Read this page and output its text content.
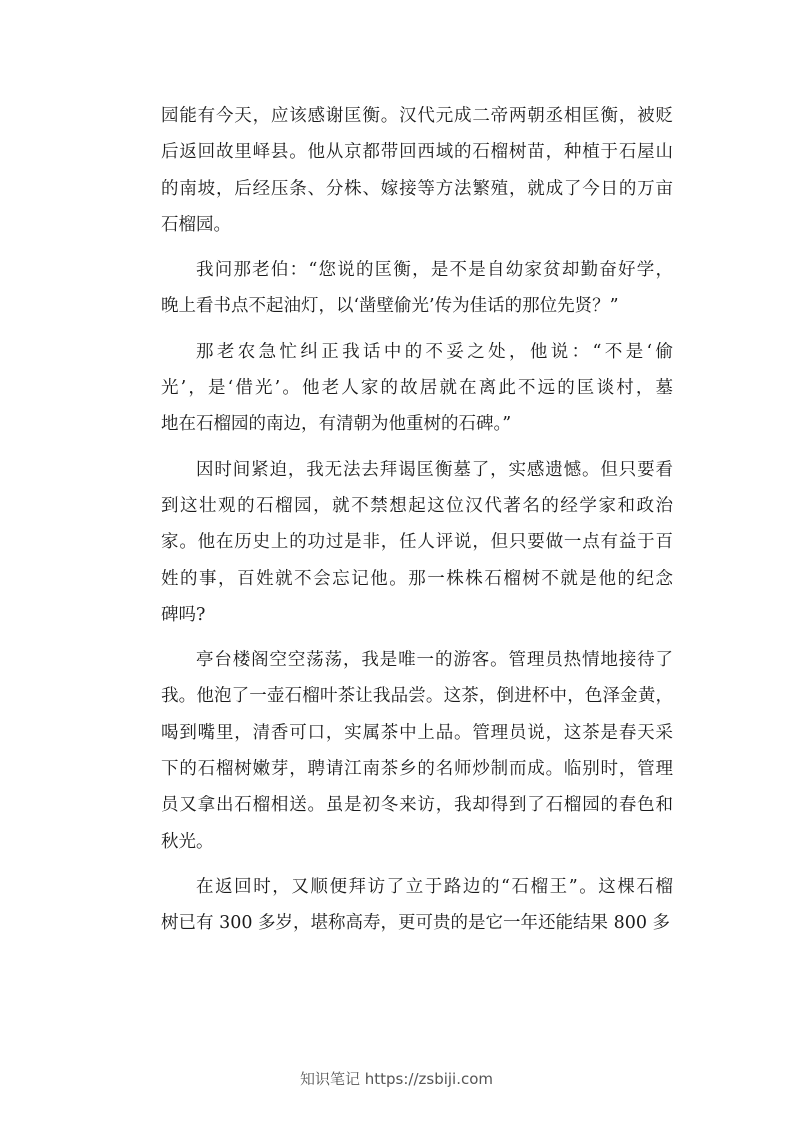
园能有今天，应该感谢匡衡。汉代元成二帝两朝丞相匡衡，被贬
后返回故里峄县。他从京都带回西域的石榴树苗，种植于石屋山
的南坡，后经压条、分株、嫁接等方法繁殖，就成了今日的万亩
石榴园。
我问那老伯：“您说的匡衡，是不是自幼家贫却勤奋好学，
晚上看书点不起油灯，以‘凿壁偷光’传为佳话的那位先贤？”
那老农急忙纠正我话中的不妥之处，他说：“不是‘偷
光’，是‘借光’。他老人家的故居就在离此不远的匡谈村，墓
地在石榴园的南边，有清朝为他重树的石碑。”
因时间紧迫，我无法去拜谒匡衡墓了，实感遗憾。但只要看
到这壮观的石榴园，就不禁想起这位汉代著名的经学家和政治
家。他在历史上的功过是非，任人评说，但只要做一点有益于百
姓的事，百姓就不会忘记他。那一株株石榴树不就是他的纪念
碑吗?
亭台楼阁空空荡荡，我是唯一的游客。管理员热情地接待了
我。他泡了一壶石榴叶茶让我品尝。这茶，倒进杯中，色泽金黄，
喝到嘴里，清香可口，实属茶中上品。管理员说，这茶是春天采
下的石榴树嫩芽，聘请江南茶乡的名师炒制而成。临别时，管理
员又拿出石榴相送。虽是初冬来访，我却得到了石榴园的春色和
秋光。
在返回时，又顺便拜访了立于路边的“石榴王”。这棵石榴
树已有 300 多岁，堪称高寿，更可贵的是它一年还能结果 800 多
知识笔记 https://zsbiji.com
